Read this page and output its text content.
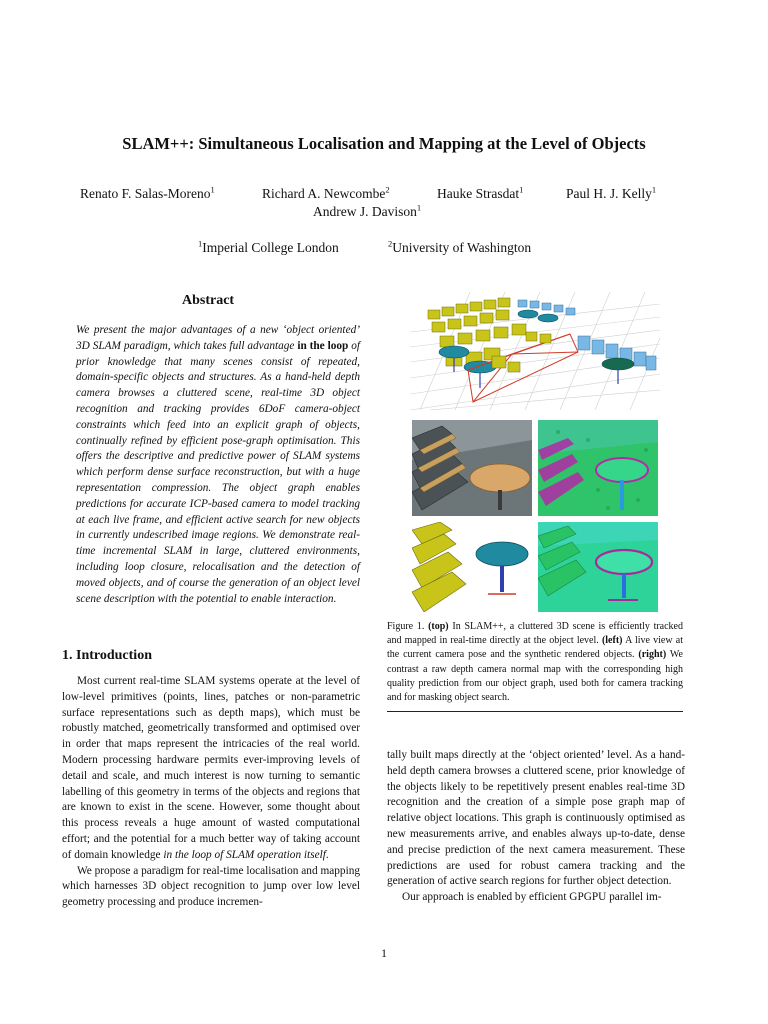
SLAM++: Simultaneous Localisation and Mapping at the Level of Objects
Renato F. Salas-Moreno$^1$	Richard A. Newcombe$^2$	Hauke Strasdat$^1$	Paul H. J. Kelly$^1$
Andrew J. Davison$^1$
$^1$Imperial College London	$^2$University of Washington
Abstract
We present the major advantages of a new ‘object oriented’ 3D SLAM paradigm, which takes full advantage in the loop of prior knowledge that many scenes consist of repeated, domain-specific objects and structures. As a hand-held depth camera browses a cluttered scene, real-time 3D object recognition and tracking provides 6DoF camera-object constraints which feed into an explicit graph of objects, continually refined by efficient pose-graph optimisation. This offers the descriptive and predictive power of SLAM systems which perform dense surface reconstruction, but with a huge representation compression. The object graph enables predictions for accurate ICP-based camera to model tracking at each live frame, and efficient active search for new objects in currently undescribed image regions. We demonstrate real-time incremental SLAM in large, cluttered environments, including loop closure, relocalisation and the detection of moved objects, and of course the generation of an object level scene description with the potential to enable interaction.
1. Introduction

Most current real-time SLAM systems operate at the level of low-level primitives (points, lines, patches or non-parametric surface representations such as depth maps), which must be robustly matched, geometrically transformed and optimised over in order that maps represent the intricacies of the real world. Modern processing hardware permits ever-improving levels of detail and scale, and much interest is now turning to semantic labelling of this geometry in terms of the objects and regions that are known to exist in the scene. However, some thought about this process reveals a huge amount of wasted computational effort; and the potential for a much better way of taking account of domain knowledge in the loop of SLAM operation itself.

We propose a paradigm for real-time localisation and mapping which harnesses 3D object recognition to jump over low level geometry processing and produce incremen-

Figure 1. (top) In SLAM++, a cluttered 3D scene is efficiently tracked and mapped in real-time directly at the object level. (left) A live view at the current camera pose and the synthetic rendered objects. (right) We contrast a raw depth camera normal map with the corresponding high quality prediction from our object graph, used both for camera tracking and for masking object search.

tally built maps directly at the ‘object oriented’ level. As a hand-held depth camera browses a cluttered scene, prior knowledge of the objects likely to be repetitively present enables real-time 3D recognition and the creation of a simple pose graph map of relative object locations. This graph is continuously optimised as new measurements arrive, and enables always up-to-date, dense and precise prediction of the next camera measurement. These predictions are used for robust camera tracking and the generation of active search regions for further object detection.

Our approach is enabled by efficient GPGPU parallel im-

1
